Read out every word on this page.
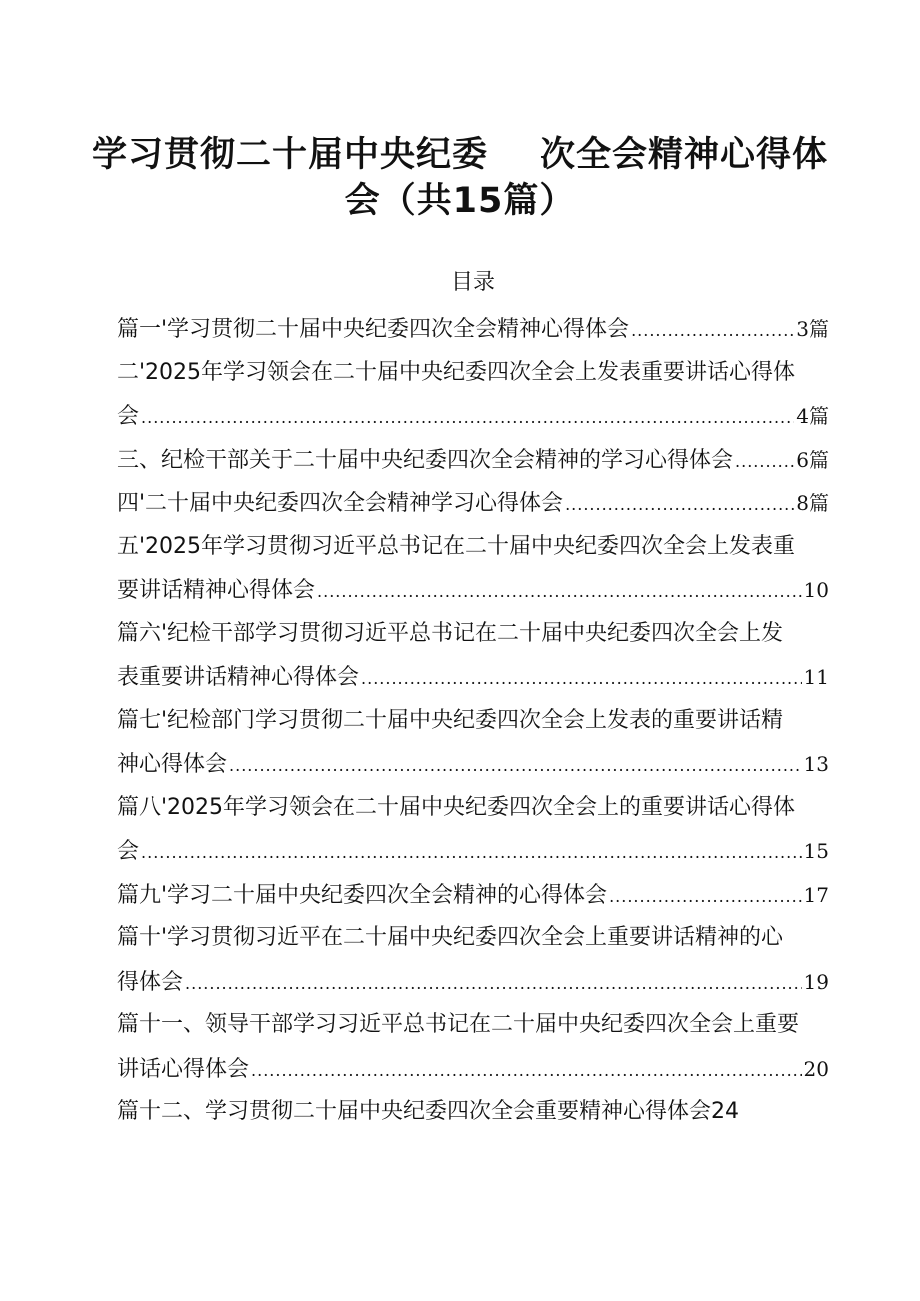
学习贯彻二十届中央纪委 次全会精神心得体
会（共15篇）
目录
篇一'学习贯彻二十届中央纪委四次全会精神心得体会 .....	3篇
二'2025年学习领会在二十届中央纪委四次全会上发表重要讲话心得体
会 .....	4篇
三、纪检干部关于二十届中央纪委四次全会精神的学习心得体会 .....	6篇
四'二十届中央纪委四次全会精神学习心得体会 .....	8篇
五'2025年学习贯彻习近平总书记在二十届中央纪委四次全会上发表重
要讲话精神心得体会 .....	10
篇六'纪检干部学习贯彻习近平总书记在二十届中央纪委四次全会上发
表重要讲话精神心得体会 .....	11
篇七'纪检部门学习贯彻二十届中央纪委四次全会上发表的重要讲话精
神心得体会 .....	13
篇八'2025年学习领会在二十届中央纪委四次全会上的重要讲话心得体
会 .....	15
篇九'学习二十届中央纪委四次全会精神的心得体会 .....	17
篇十'学习贯彻习近平在二十届中央纪委四次全会上重要讲话精神的心
得体会 .....	19
篇十一、领导干部学习习近平总书记在二十届中央纪委四次全会上重要
讲话心得体会 .....	20
篇十二、学习贯彻二十届中央纪委四次全会重要精神心得体会24
